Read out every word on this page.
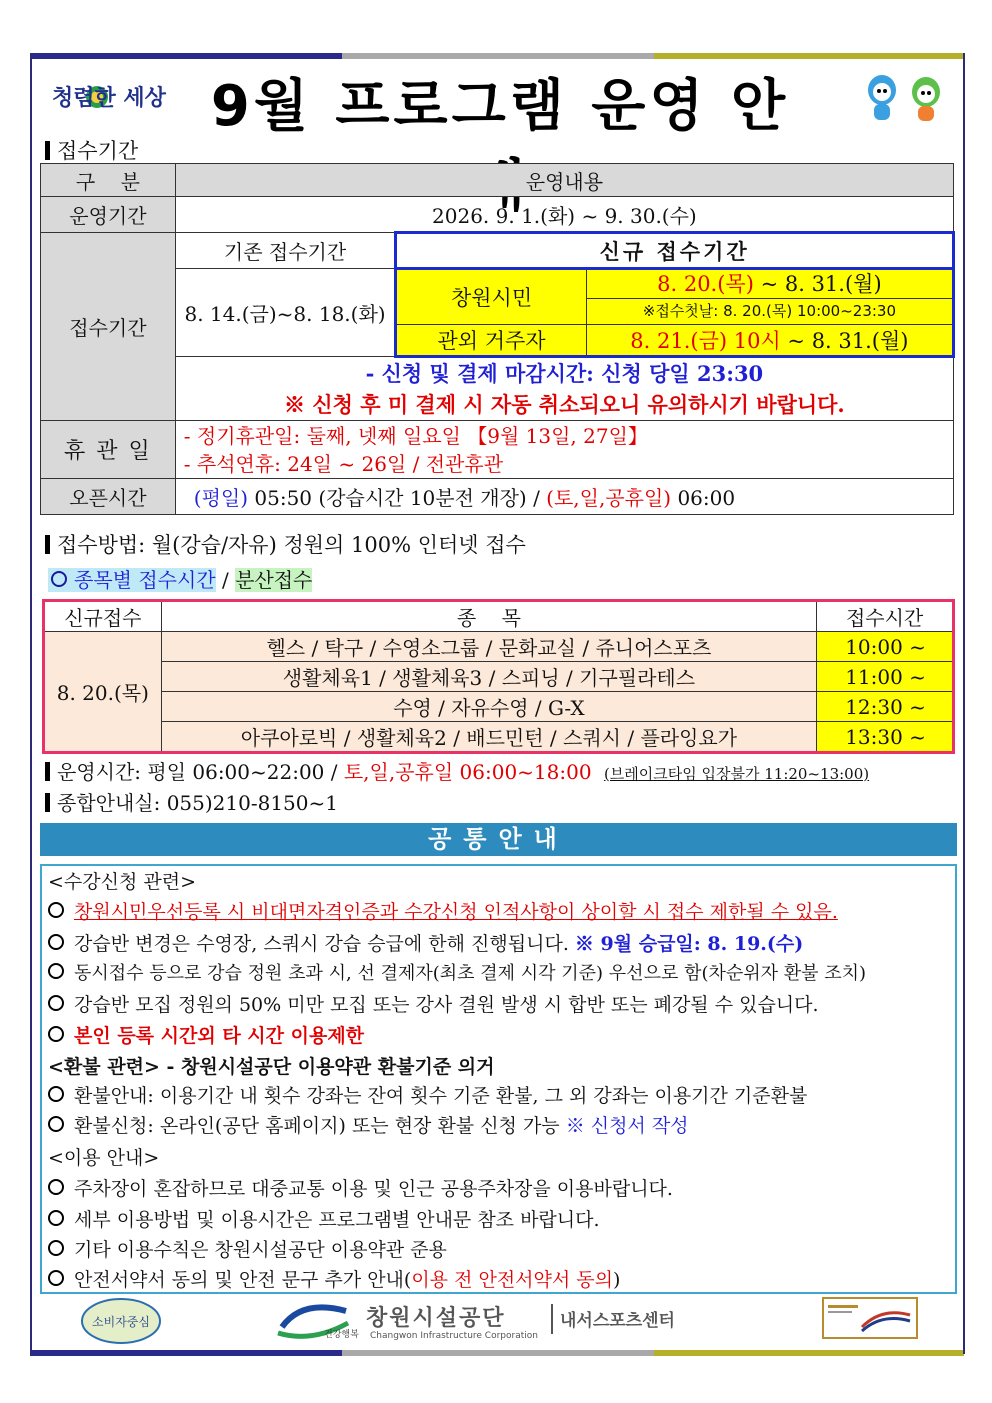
청렴한 세상 9월 프로그램 운영 안
접수기간
구    분	운영내용		
운영기간	2026. 9. 1.(화) ~ 9. 30.(수)		
접수기간	기존 접수기간	신규 접수기간	
	8. 14.(금)~8. 18.(화)	창원시민	8. 20.(목) ~ 8. 31.(월)
※접수첫날: 8. 20.(목) 10:00~23:30

		관외 거주자	8. 21.(금) 10시 ~ 8. 31.(월)

	- 신청 및 결제 마감시간: 신청 당일 23:30
※ 신청 후 미 결제 시 자동 취소되오니 유의하시기 바랍니다.		

휴 관 일	- 정기휴관일: 둘째, 넷째 일요일 【9월 13일, 27일】
- 추석연휴: 24일 ~ 26일 / 전관휴관		

오픈시간	(평일) 05:50 (강습시간 10분전 개장) / (토,일,공휴일) 06:00		
접수방법: 월(강습/자유) 정원의 100% 인터넷 접수
종목별 접수시간 / 분산접수
신규접수	종    목	접수시간
8. 20.(목)	헬스 / 탁구 / 수영소그룹 / 문화교실 / 쥬니어스포츠	10:00 ~
	생활체육1 / 생활체육3 / 스피닝 / 기구필라테스	11:00 ~
	수영 / 자유수영 / G-X	12:30 ~
	아쿠아로빅 / 생활체육2 / 배드민턴 / 스쿼시 / 플라잉요가	13:30 ~
운영시간: 평일 06:00~22:00 / 토,일,공휴일 06:00~18:00 (브레이크타임 입장불가 11:20~13:00)
종합안내실: 055)210-8150~1
공통안내
<수강신청 관련>
창원시민우선등록 시 비대면자격인증과 수강신청 인적사항이 상이할 시 접수 제한될 수 있음.
강습반 변경은 수영장, 스쿼시 강습 승급에 한해 진행됩니다. ※ 9월 승급일: 8. 19.(수)
동시접수 등으로 강습 정원 초과 시, 선 결제자(최초 결제 시각 기준) 우선으로 함(차순위자 환불 조치)
강습반 모집 정원의 50% 미만 모집 또는 강사 결원 발생 시 합반 또는 폐강될 수 있습니다.
본인 등록 시간외 타 시간 이용제한
<환불 관련> - 창원시설공단 이용약관 환불기준 의거
환불안내: 이용기간 내 횟수 강좌는 잔여 횟수 기준 환불, 그 외 강좌는 이용기간 기준환불
환불신청: 온라인(공단 홈페이지) 또는 현장 환불 신청 가능 ※ 신청서 작성
<이용 안내>
주차장이 혼잡하므로 대중교통 이용 및 인근 공용주차장을 이용바랍니다.
세부 이용방법 및 이용시간은 프로그램별 안내문 참조 바랍니다.
기타 이용수칙은 창원시설공단 이용약관 준용
안전서약서 동의 및 안전 문구 추가 안내(이용 전 안전서약서 동의)
소비자중심
건강행복
창원시설공단
Changwon Infrastructure Corporation
내서스포츠센터
